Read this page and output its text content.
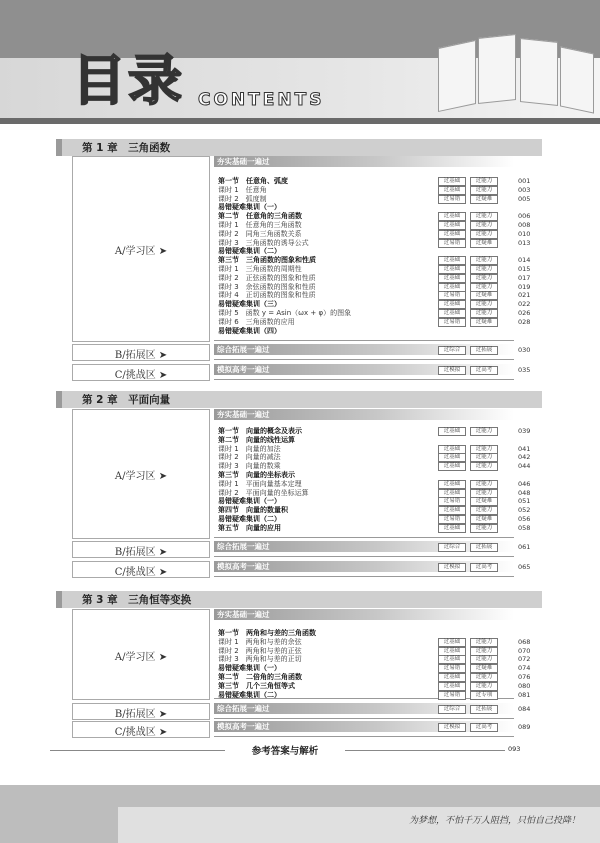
目录 CONTENTS
第 1 章　三角函数
A/学习区 ➤
夯实基础一遍过
第一节　任意角、弧度	过基础	过能力	001
课时 1　任意角	过基础	过能力	003
课时 2　弧度制	过易错	过疑难	005
易错疑难集训（一）
第二节　任意角的三角函数	过基础	过能力	006
课时 1　任意角的三角函数	过基础	过能力	008
课时 2　同角三角函数关系	过基础	过能力	010
课时 3　三角函数的诱导公式	过易错	过疑难	013
易错疑难集训（二）
第三节　三角函数的图象和性质	过基础	过能力	014
课时 1　三角函数的周期性	过基础	过能力	015
课时 2　正弦函数的图象和性质	过基础	过能力	017
课时 3　余弦函数的图象和性质	过基础	过能力	019
课时 4　正切函数的图象和性质	过易错	过疑难	021
易错疑难集训（三）	过基础	过能力	022
课时 5　函数 y = Asin（ωx + φ）的图象	过基础	过能力	026
课时 6　三角函数的应用	过易错	过疑难	028
易错疑难集训（四）
B/拓展区 ➤	综合拓展一遍过	过综合	过拓展	030
C/挑战区 ➤	模拟高考一遍过	过模拟	过高考	035
第 2 章　平面向量
A/学习区 ➤
夯实基础一遍过
第一节　向量的概念及表示	过基础	过能力	039
第二节　向量的线性运算
课时 1　向量的加法	过基础	过能力	041
课时 2　向量的减法	过基础	过能力	042
课时 3　向量的数乘	过基础	过能力	044
第三节　向量的坐标表示
课时 1　平面向量基本定理	过基础	过能力	046
课时 2　平面向量的坐标运算	过基础	过能力	048
易错疑难集训（一）	过易错	过疑难	051
第四节　向量的数量积	过基础	过能力	052
易错疑难集训（二）	过易错	过疑难	056
第五节　向量的应用	过基础	过能力	058
B/拓展区 ➤	综合拓展一遍过	过综合	过拓展	061
C/挑战区 ➤	模拟高考一遍过	过模拟	过高考	065
第 3 章　三角恒等变换
A/学习区 ➤
夯实基础一遍过
第一节　两角和与差的三角函数
课时 1　两角和与差的余弦	过基础	过能力	068
课时 2　两角和与差的正弦	过基础	过能力	070
课时 3　两角和与差的正切	过基础	过能力	072
易错疑难集训（一）	过易错	过疑难	074
第二节　二倍角的三角函数	过基础	过能力	076
第三节　几个三角恒等式	过基础	过能力	080
易错疑难集训（二）	过易错	过专项	081
B/拓展区 ➤	综合拓展一遍过	过综合	过拓展	084
C/挑战区 ➤	模拟高考一遍过	过模拟	过高考	089
参考答案与解析	093
为梦想，不怕千万人阻挡，只怕自己投降！
